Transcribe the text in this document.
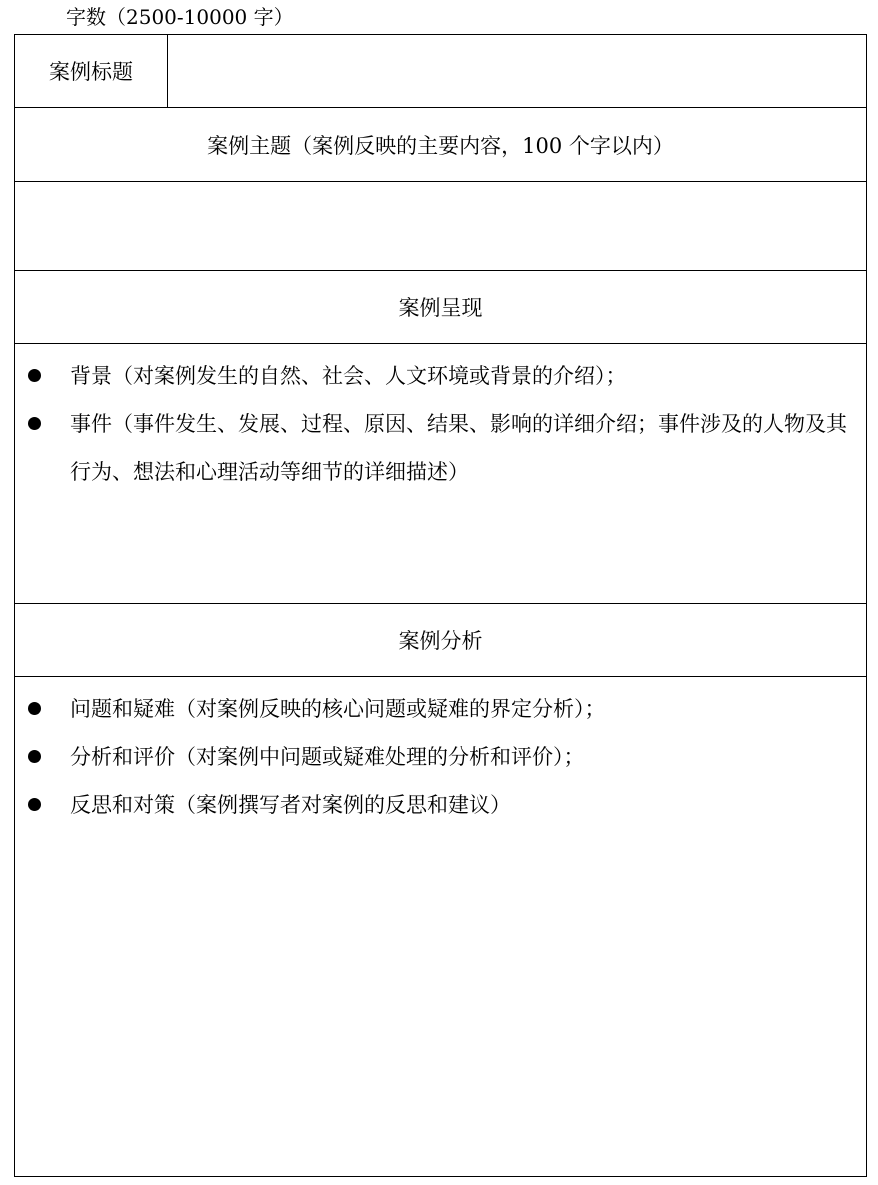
字数（2500-10000 字）
案例标题
案例主题（案例反映的主要内容，100 个字以内）
案例呈现
背景（对案例发生的自然、社会、人文环境或背景的介绍）；
事件（事件发生、发展、过程、原因、结果、影响的详细介绍；事件涉及的人物及其行为、想法和心理活动等细节的详细描述）
案例分析
问题和疑难（对案例反映的核心问题或疑难的界定分析）；
分析和评价（对案例中问题或疑难处理的分析和评价）；
反思和对策（案例撰写者对案例的反思和建议）
